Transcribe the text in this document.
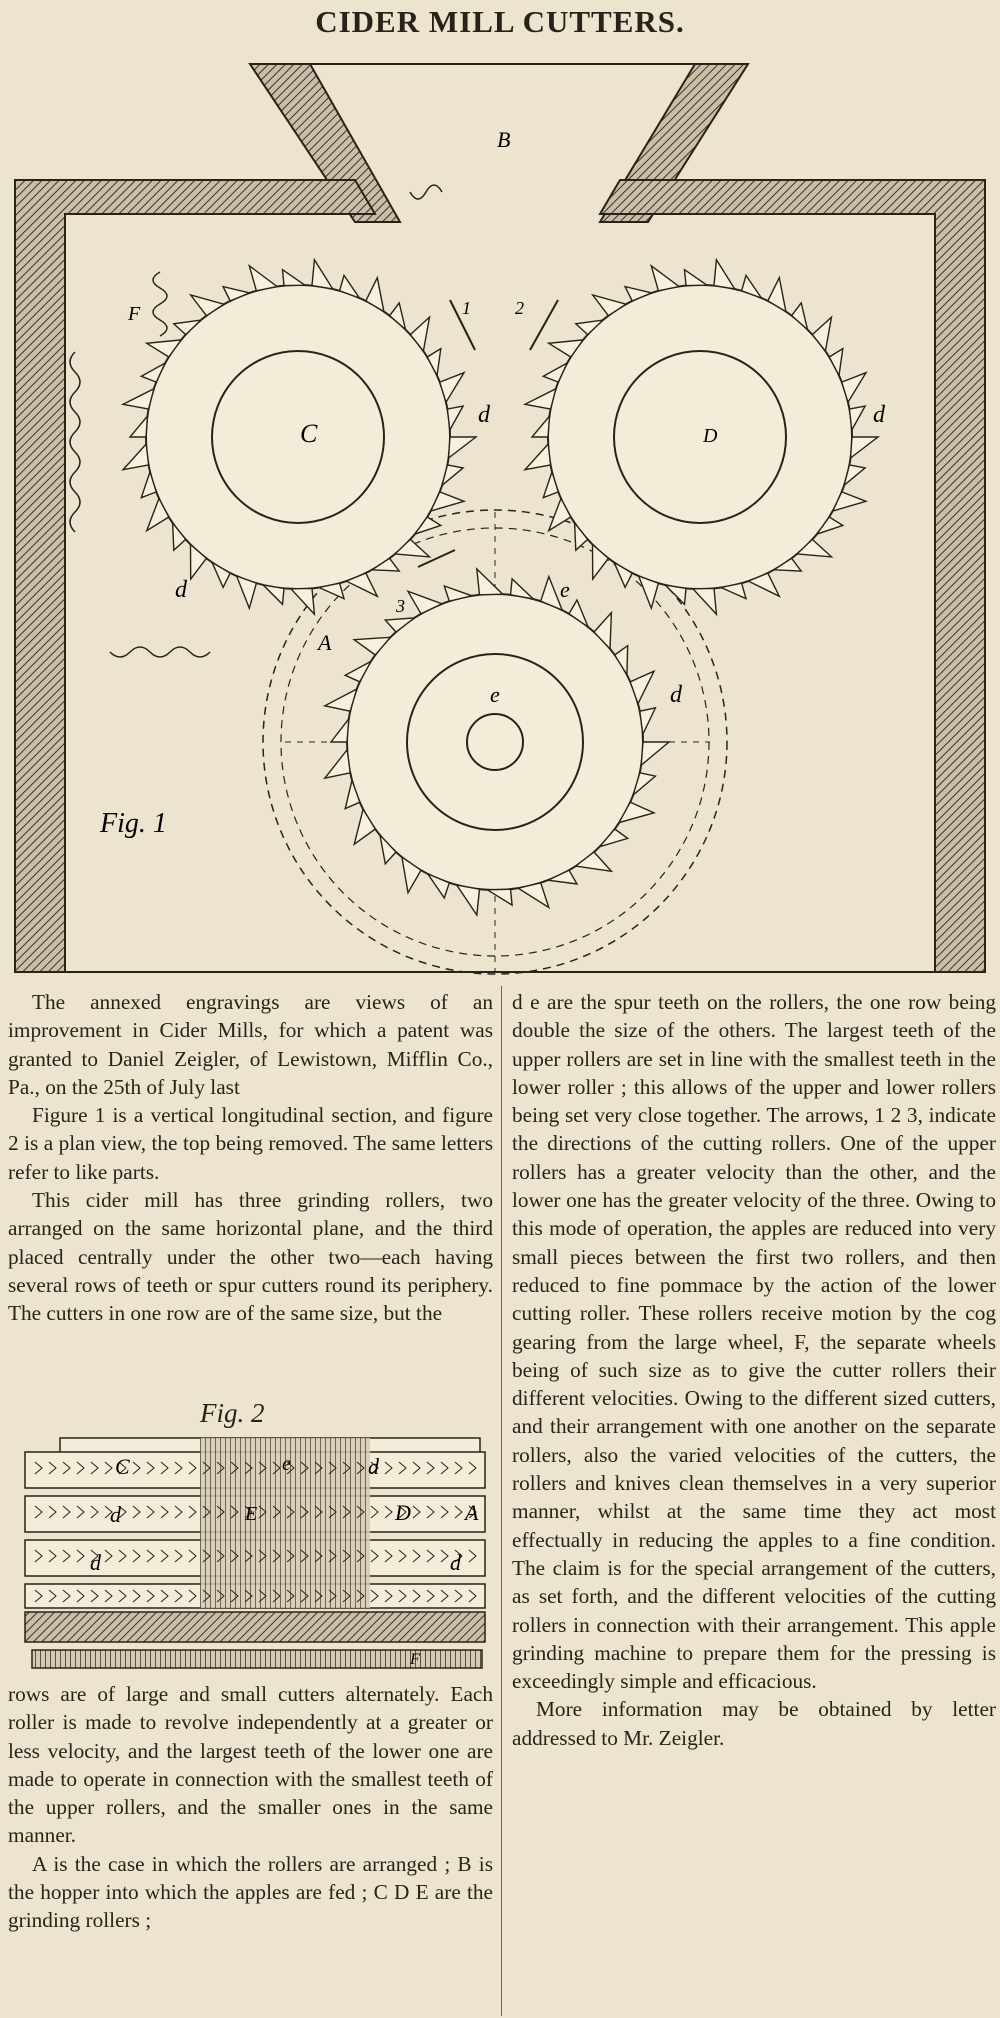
CIDER MILL CUTTERS.
B
C	D
e
F
A
d	d
d
d
e
1 2
3
Fig. 1

The annexed engravings are views of an improvement in Cider Mills, for which a patent was granted to Daniel Zeigler, of Lewistown, Mifflin Co., Pa., on the 25th of July last

Figure 1 is a vertical longitudinal section, and figure 2 is a plan view, the top being removed. The same letters refer to like parts.

This cider mill has three grinding rollers, two arranged on the same horizontal plane, and the third placed centrally under the other two—each having several rows of teeth or spur cutters round its periphery. The cutters in one row are of the same size, but the

Fig. 2
C	e	d
d	E	D A
d	d
F

rows are of large and small cutters alternately. Each roller is made to revolve independently at a greater or less velocity, and the largest teeth of the lower one are made to operate in connection with the smallest teeth of the upper rollers, and the smaller ones in the same manner.

A is the case in which the rollers are arranged ; B is the hopper into which the apples are fed ; C D E are the grinding rollers ;

d e are the spur teeth on the rollers, the one row being double the size of the others. The largest teeth of the upper rollers are set in line with the smallest teeth in the lower roller ; this allows of the upper and lower rollers being set very close together. The arrows, 1 2 3, indicate the directions of the cutting rollers. One of the upper rollers has a greater velocity than the other, and the lower one has the greater velocity of the three. Owing to this mode of operation, the apples are reduced into very small pieces between the first two rollers, and then reduced to fine pommace by the action of the lower cutting roller. These rollers receive motion by the cog gearing from the large wheel, F, the separate wheels being of such size as to give the cutter rollers their different velocities. Owing to the different sized cutters, and their arrangement with one another on the separate rollers, also the varied velocities of the cutters, the rollers and knives clean themselves in a very superior manner, whilst at the same time they act most effectually in reducing the apples to a fine condition. The claim is for the special arrangement of the cutters, as set forth, and the different velocities of the cutting rollers in connection with their arrangement. This apple grinding machine to prepare them for the pressing is exceedingly simple and efficacious.

More information may be obtained by letter addressed to Mr. Zeigler.
